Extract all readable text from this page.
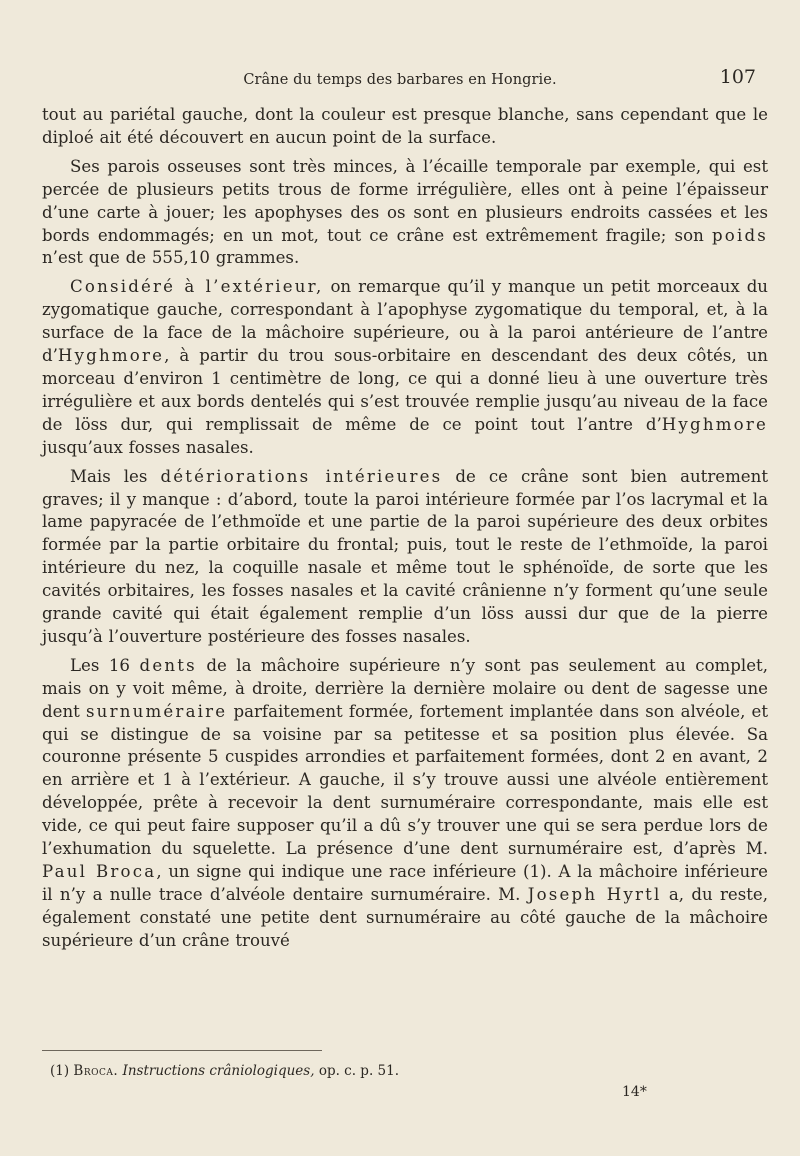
Crâne du temps des barbares en Hongrie.	107

tout au pariétal gauche, dont la couleur est presque blanche, sans cependant que le diploé ait été découvert en aucun point de la surface.

Ses parois osseuses sont très minces, à l’écaille temporale par exemple, qui est percée de plusieurs petits trous de forme irrégulière, elles ont à peine l’épaisseur d’une carte à jouer; les apophyses des os sont en plusieurs endroits cassées et les bords endommagés; en un mot, tout ce crâne est extrêmement fragile; son poids n’est que de 555,10 grammes.

Considéré à l’extérieur, on remarque qu’il y manque un petit morceaux du zygomatique gauche, correspondant à l’apophyse zygomatique du temporal, et, à la surface de la face de la mâchoire supérieure, ou à la paroi antérieure de l’antre d’Hyghmore, à partir du trou sous-orbitaire en descendant des deux côtés, un morceau d’environ 1 centimètre de long, ce qui a donné lieu à une ouverture très irrégulière et aux bords dentelés qui s’est trouvée remplie jusqu’au niveau de la face de löss dur, qui remplissait de même de ce point tout l’antre d’Hyghmore jusqu’aux fosses nasales.

Mais les détériorations intérieures de ce crâne sont bien autrement graves; il y manque : d’abord, toute la paroi intérieure formée par l’os lacrymal et la lame papyracée de l’ethmoïde et une partie de la paroi supérieure des deux orbites formée par la partie orbitaire du frontal; puis, tout le reste de l’ethmoïde, la paroi intérieure du nez, la coquille nasale et même tout le sphénoïde, de sorte que les cavités orbitaires, les fosses nasales et la cavité crânienne n’y forment qu’une seule grande cavité qui était également remplie d’un löss aussi dur que de la pierre jusqu’à l’ouverture postérieure des fosses nasales.

Les 16 dents de la mâchoire supérieure n’y sont pas seulement au complet, mais on y voit même, à droite, derrière la dernière molaire ou dent de sagesse une dent surnuméraire parfaitement formée, fortement implantée dans son alvéole, et qui se distingue de sa voisine par sa petitesse et sa position plus élevée. Sa couronne présente 5 cuspides arrondies et parfaitement formées, dont 2 en avant, 2 en arrière et 1 à l’extérieur. A gauche, il s’y trouve aussi une alvéole entièrement développée, prête à recevoir la dent surnuméraire correspondante, mais elle est vide, ce qui peut faire supposer qu’il a dû s’y trouver une qui se sera perdue lors de l’exhumation du squelette. La présence d’une dent surnuméraire est, d’après M. Paul Broca, un signe qui indique une race inférieure (1). A la mâchoire inférieure il n’y a nulle trace d’alvéole dentaire surnuméraire. M. Joseph Hyrtl a, du reste, également constaté une petite dent surnuméraire au côté gauche de la mâchoire supérieure d’un crâne trouvé

(1) Broca. Instructions crâniologiques, op. c. p. 51.
14*
